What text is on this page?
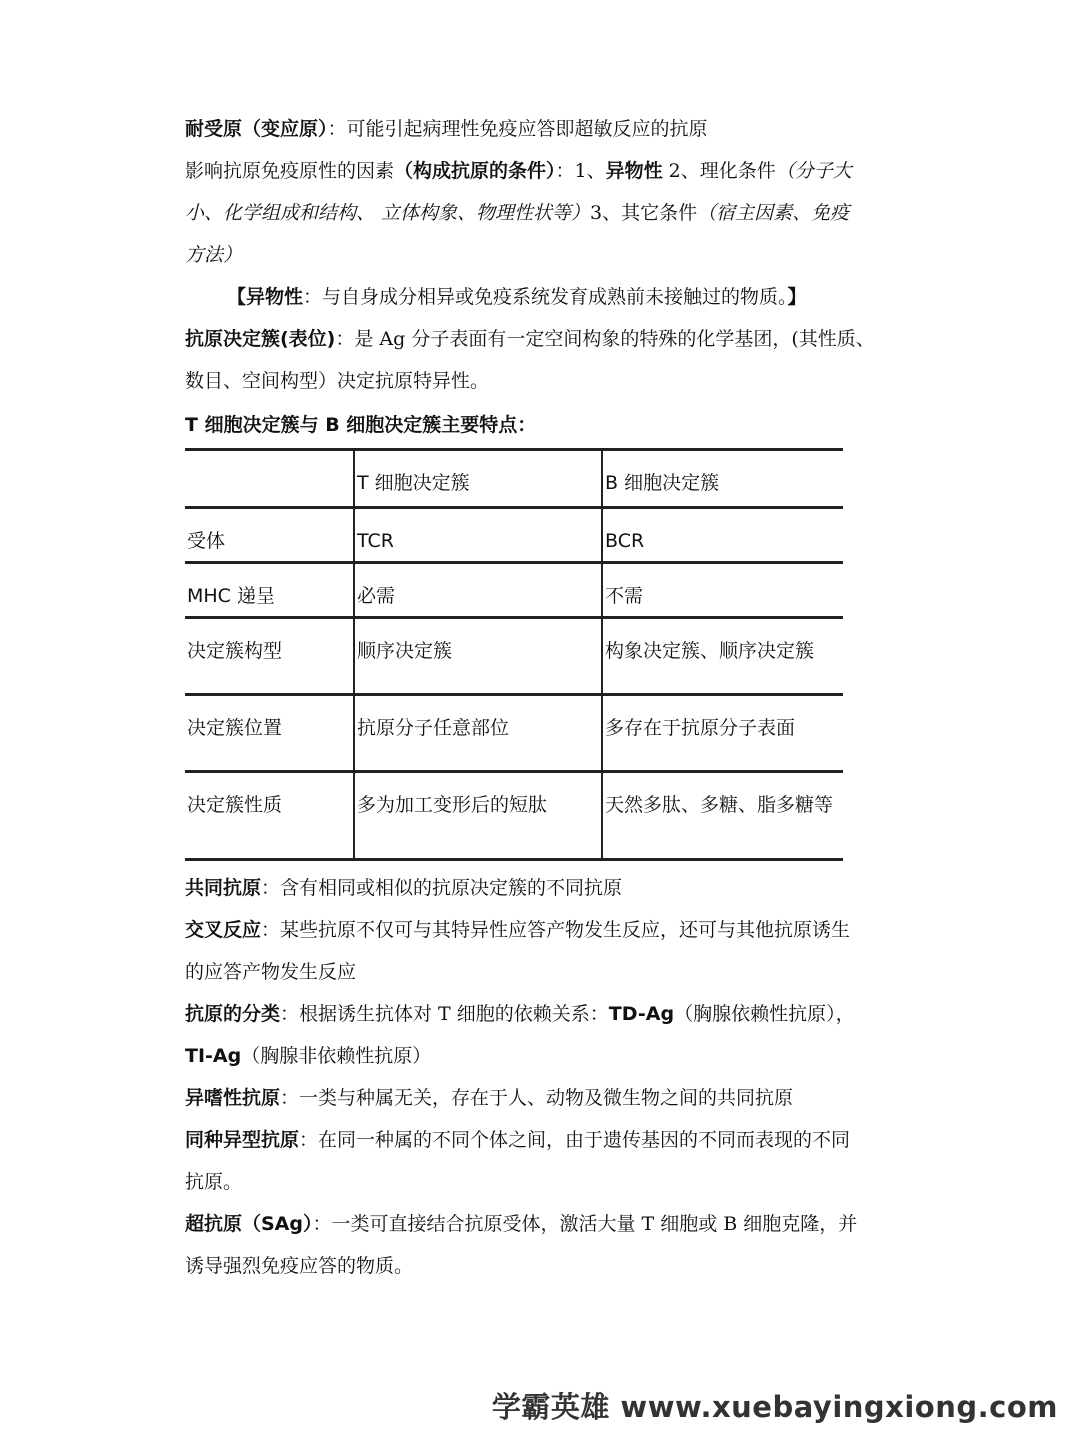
耐受原（变应原）：可能引起病理性免疫应答即超敏反应的抗原
影响抗原免疫原性的因素（构成抗原的条件）：1、异物性 2、理化条件（分子大
小、化学组成和结构、 立体构象、物理性状等）3、其它条件（宿主因素、免疫
方法）
【异物性：与自身成分相异或免疫系统发育成熟前未接触过的物质。】
抗原决定簇(表位)：是 Ag 分子表面有一定空间构象的特殊的化学基团，(其性质、
数目、空间构型）决定抗原特异性。
T 细胞决定簇与 B 细胞决定簇主要特点：
	T 细胞决定簇	B 细胞决定簇
受体	TCR	BCR
MHC 递呈	必需	不需
决定簇构型	顺序决定簇	构象决定簇、顺序决定簇
决定簇位置	抗原分子任意部位	多存在于抗原分子表面
决定簇性质	多为加工变形后的短肽	天然多肽、多糖、脂多糖等
共同抗原：含有相同或相似的抗原决定簇的不同抗原
交叉反应：某些抗原不仅可与其特异性应答产物发生反应，还可与其他抗原诱生
的应答产物发生反应
抗原的分类：根据诱生抗体对 T 细胞的依赖关系：TD-Ag（胸腺依赖性抗原），
TI-Ag（胸腺非依赖性抗原）
异嗜性抗原：一类与种属无关，存在于人、动物及微生物之间的共同抗原
同种异型抗原：在同一种属的不同个体之间，由于遗传基因的不同而表现的不同
抗原。
超抗原（SAg）：一类可直接结合抗原受体，激活大量 T 细胞或 B 细胞克隆，并
诱导强烈免疫应答的物质。
学霸英雄 www.xuebayingxiong.com
